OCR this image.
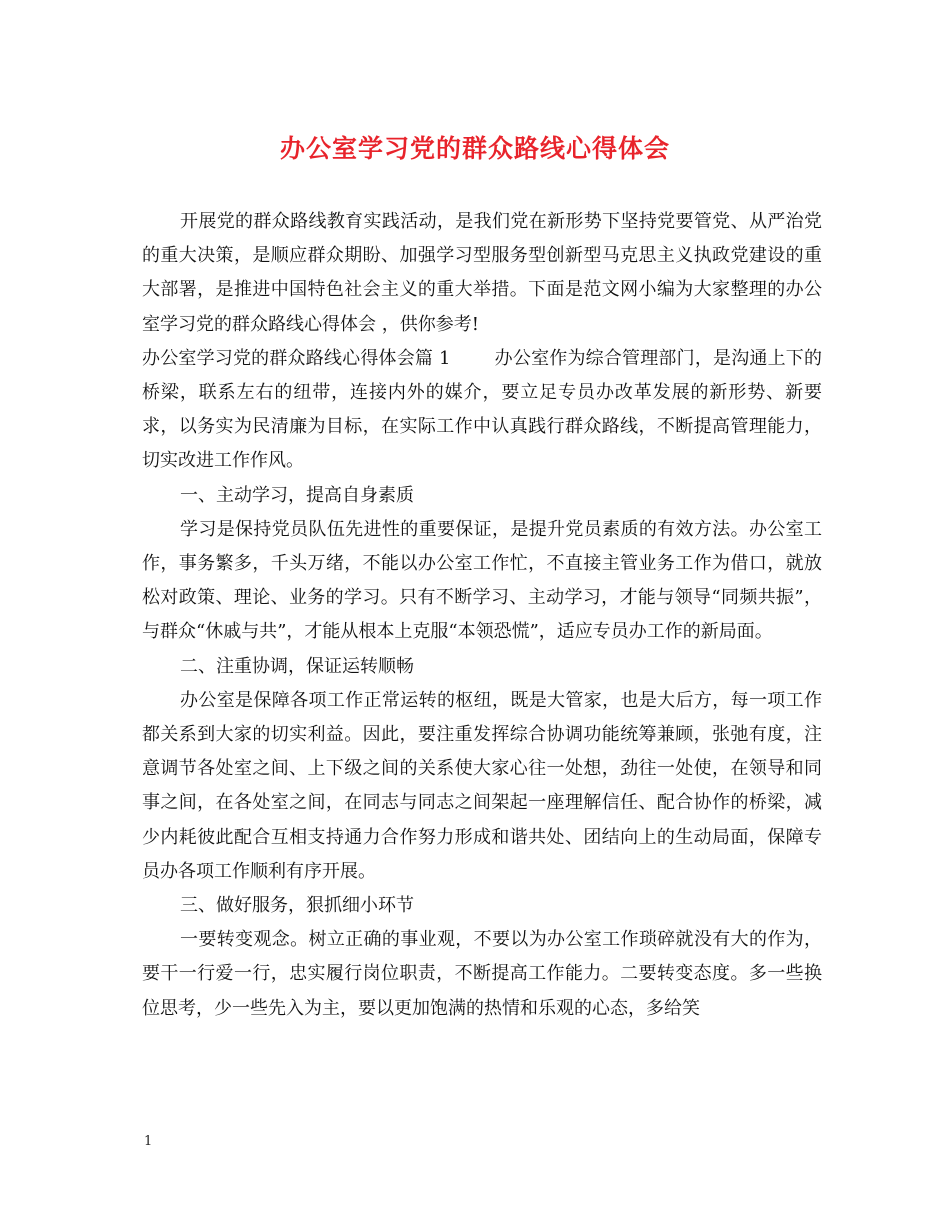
办公室学习党的群众路线心得体会

开展党的群众路线教育实践活动，是我们党在新形势下坚持党要管党、从严治党的重大决策，是顺应群众期盼、加强学习型服务型创新型马克思主义执政党建设的重大部署，是推进中国特色社会主义的重大举措。下面是范文网小编为大家整理的办公室学习党的群众路线心得体会 ，供你参考!

办公室学习党的群众路线心得体会篇 1 办公室作为综合管理部门，是沟通上下的桥梁，联系左右的纽带，连接内外的媒介，要立足专员办改革发展的新形势、新要求，以务实为民清廉为目标，在实际工作中认真践行群众路线，不断提高管理能力，切实改进工作作风。

一、主动学习，提高自身素质

学习是保持党员队伍先进性的重要保证，是提升党员素质的有效方法。办公室工作，事务繁多，千头万绪，不能以办公室工作忙，不直接主管业务工作为借口，就放松对政策、理论、业务的学习。只有不断学习、主动学习，才能与领导“同频共振”，与群众“休戚与共”，才能从根本上克服“本领恐慌”，适应专员办工作的新局面。

二、注重协调，保证运转顺畅

办公室是保障各项工作正常运转的枢纽，既是大管家，也是大后方，每一项工作都关系到大家的切实利益。因此，要注重发挥综合协调功能统筹兼顾，张弛有度，注意调节各处室之间、上下级之间的关系使大家心往一处想，劲往一处使，在领导和同事之间，在各处室之间，在同志与同志之间架起一座理解信任、配合协作的桥梁，减少内耗彼此配合互相支持通力合作努力形成和谐共处、团结向上的生动局面，保障专员办各项工作顺利有序开展。

三、做好服务，狠抓细小环节

一要转变观念。树立正确的事业观，不要以为办公室工作琐碎就没有大的作为，要干一行爱一行，忠实履行岗位职责，不断提高工作能力。二要转变态度。多一些换位思考，少一些先入为主，要以更加饱满的热情和乐观的心态，多给笑

1
